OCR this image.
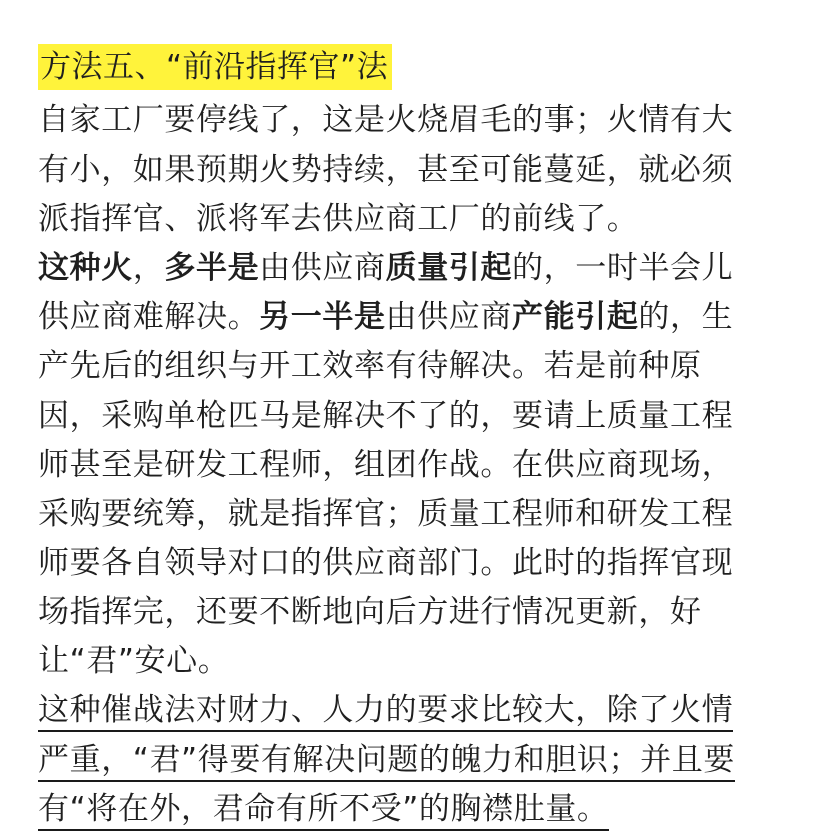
方法五、“前沿指挥官”法
自家工厂要停线了，这是火烧眉毛的事；火情有大
有小，如果预期火势持续，甚至可能蔓延，就必须
派指挥官、派将军去供应商工厂的前线了。
这种火，多半是由供应商质量引起的，一时半会儿
供应商难解决。另一半是由供应商产能引起的，生
产先后的组织与开工效率有待解决。若是前种原
因，采购单枪匹马是解决不了的，要请上质量工程
师甚至是研发工程师，组团作战。在供应商现场，
采购要统筹，就是指挥官；质量工程师和研发工程
师要各自领导对口的供应商部门。此时的指挥官现
场指挥完，还要不断地向后方进行情况更新，好
让“君”安心。
这种催战法对财力、人力的要求比较大，除了火情
严重，“君”得要有解决问题的魄力和胆识；并且要
有“将在外，君命有所不受”的胸襟肚量。
